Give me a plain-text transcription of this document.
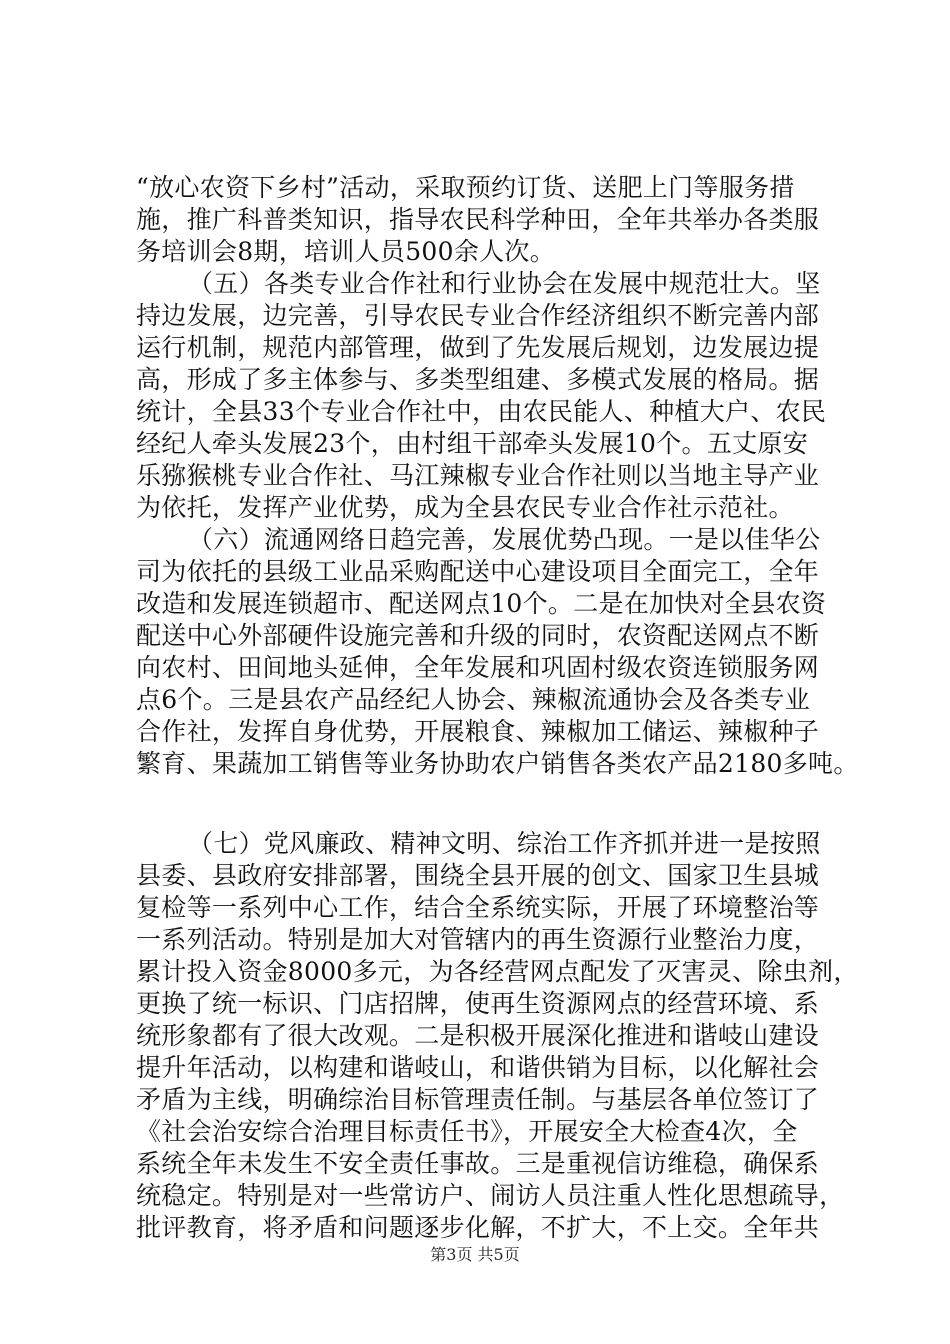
“放心农资下乡村”活动，采取预约订货、送肥上门等服务措
施，推广科普类知识，指导农民科学种田，全年共举办各类服
务培训会8期，培训人员500余人次。
（五）各类专业合作社和行业协会在发展中规范壮大。坚
持边发展，边完善，引导农民专业合作经济组织不断完善内部
运行机制，规范内部管理，做到了先发展后规划，边发展边提
高，形成了多主体参与、多类型组建、多模式发展的格局。据
统计，全县33个专业合作社中，由农民能人、种植大户、农民
经纪人牵头发展23个，由村组干部牵头发展10个。五丈原安
乐猕猴桃专业合作社、马江辣椒专业合作社则以当地主导产业
为依托，发挥产业优势，成为全县农民专业合作社示范社。
（六）流通网络日趋完善，发展优势凸现。一是以佳华公
司为依托的县级工业品采购配送中心建设项目全面完工，全年
改造和发展连锁超市、配送网点10个。二是在加快对全县农资
配送中心外部硬件设施完善和升级的同时，农资配送网点不断
向农村、田间地头延伸，全年发展和巩固村级农资连锁服务网
点6个。三是县农产品经纪人协会、辣椒流通协会及各类专业
合作社，发挥自身优势，开展粮食、辣椒加工储运、辣椒种子
繁育、果蔬加工销售等业务协助农户销售各类农产品2180多吨。
（七）党风廉政、精神文明、综治工作齐抓并进一是按照
县委、县政府安排部署，围绕全县开展的创文、国家卫生县城
复检等一系列中心工作，结合全系统实际，开展了环境整治等
一系列活动。特别是加大对管辖内的再生资源行业整治力度，
累计投入资金8000多元，为各经营网点配发了灭害灵、除虫剂，
更换了统一标识、门店招牌，使再生资源网点的经营环境、系
统形象都有了很大改观。二是积极开展深化推进和谐岐山建设
提升年活动，以构建和谐岐山，和谐供销为目标，以化解社会
矛盾为主线，明确综治目标管理责任制。与基层各单位签订了
《社会治安综合治理目标责任书》，开展安全大检查4次，全
系统全年未发生不安全责任事故。三是重视信访维稳，确保系
统稳定。特别是对一些常访户、闹访人员注重人性化思想疏导，
批评教育，将矛盾和问题逐步化解，不扩大，不上交。全年共
第3页 共5页
